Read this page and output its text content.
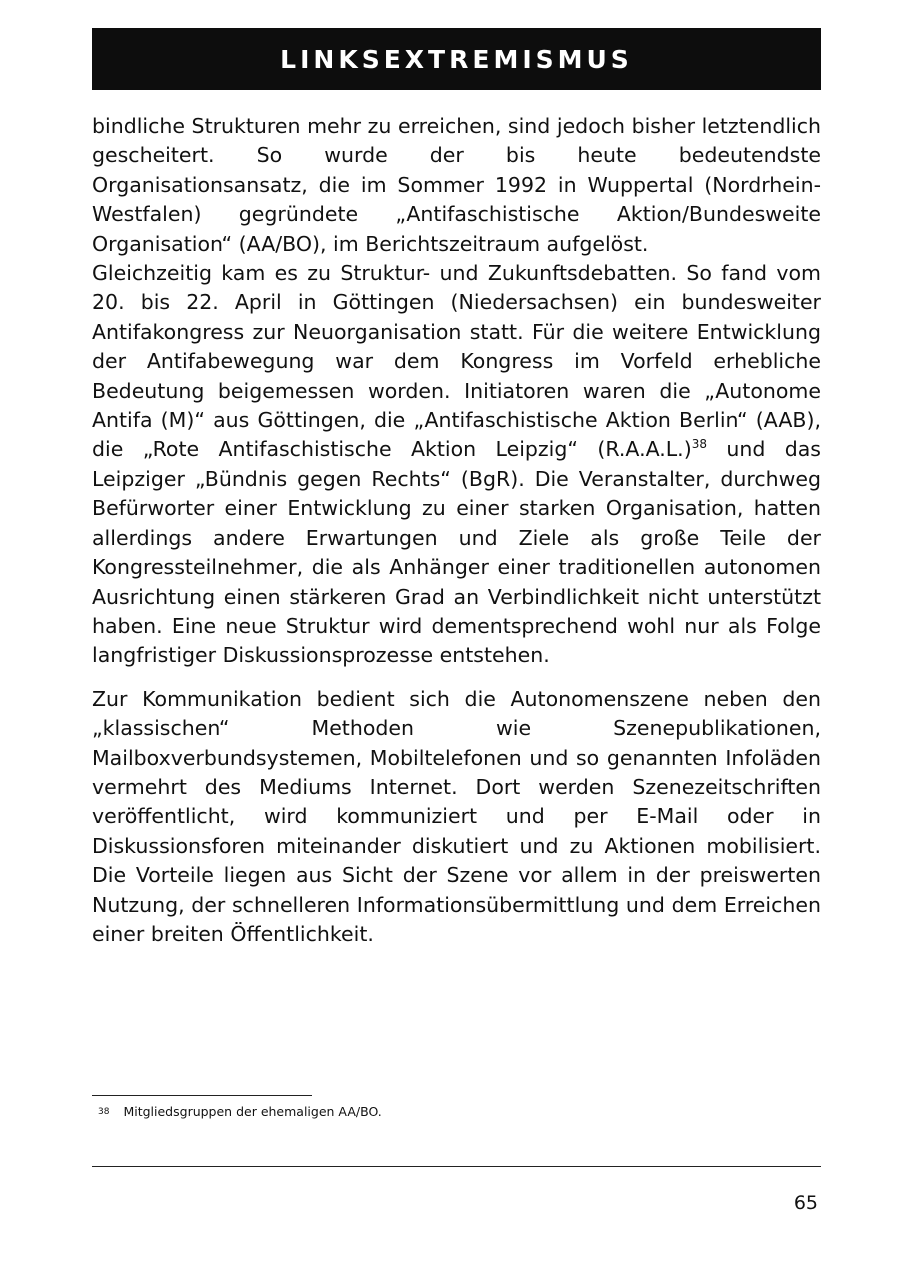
LINKSEXTREMISMUS

bindliche Strukturen mehr zu erreichen, sind jedoch bisher letztendlich gescheitert. So wurde der bis heute bedeutendste Organisationsansatz, die im Sommer 1992 in Wuppertal (Nordrhein-Westfalen) gegründete „Antifaschistische Aktion/Bundesweite Organisation“ (AA/BO), im Berichtszeitraum aufgelöst.

Gleichzeitig kam es zu Struktur- und Zukunftsdebatten. So fand vom 20. bis 22. April in Göttingen (Niedersachsen) ein bundesweiter Antifakongress zur Neuorganisation statt. Für die weitere Entwicklung der Antifabewegung war dem Kongress im Vorfeld erhebliche Bedeutung beigemessen worden. Initiatoren waren die „Autonome Antifa (M)“ aus Göttingen, die „Antifaschistische Aktion Berlin“ (AAB), die „Rote Antifaschistische Aktion Leipzig“ $(R.A.A.L.)^{38}$ und das Leipziger „Bündnis gegen Rechts“ (BgR). Die Veranstalter, durchweg Befürworter einer Entwicklung zu einer starken Organisation, hatten allerdings andere Erwartungen und Ziele als große Teile der Kongressteilnehmer, die als Anhänger einer traditionellen autonomen Ausrichtung einen stärkeren Grad an Verbindlichkeit nicht unterstützt haben. Eine neue Struktur wird dementsprechend wohl nur als Folge langfristiger Diskussionsprozesse entstehen.

Zur Kommunikation bedient sich die Autonomenszene neben den „klassischen“ Methoden wie Szenepublikationen, Mailboxverbundsystemen, Mobiltelefonen und so genannten Infoläden vermehrt des Mediums Internet. Dort werden Szenezeitschriften veröffentlicht, wird kommuniziert und per E-Mail oder in Diskussionsforen miteinander diskutiert und zu Aktionen mobilisiert. Die Vorteile liegen aus Sicht der Szene vor allem in der preiswerten Nutzung, der schnelleren Informationsübermittlung und dem Erreichen einer breiten Öffentlichkeit.

38 Mitgliedsgruppen der ehemaligen AA/BO.
65
